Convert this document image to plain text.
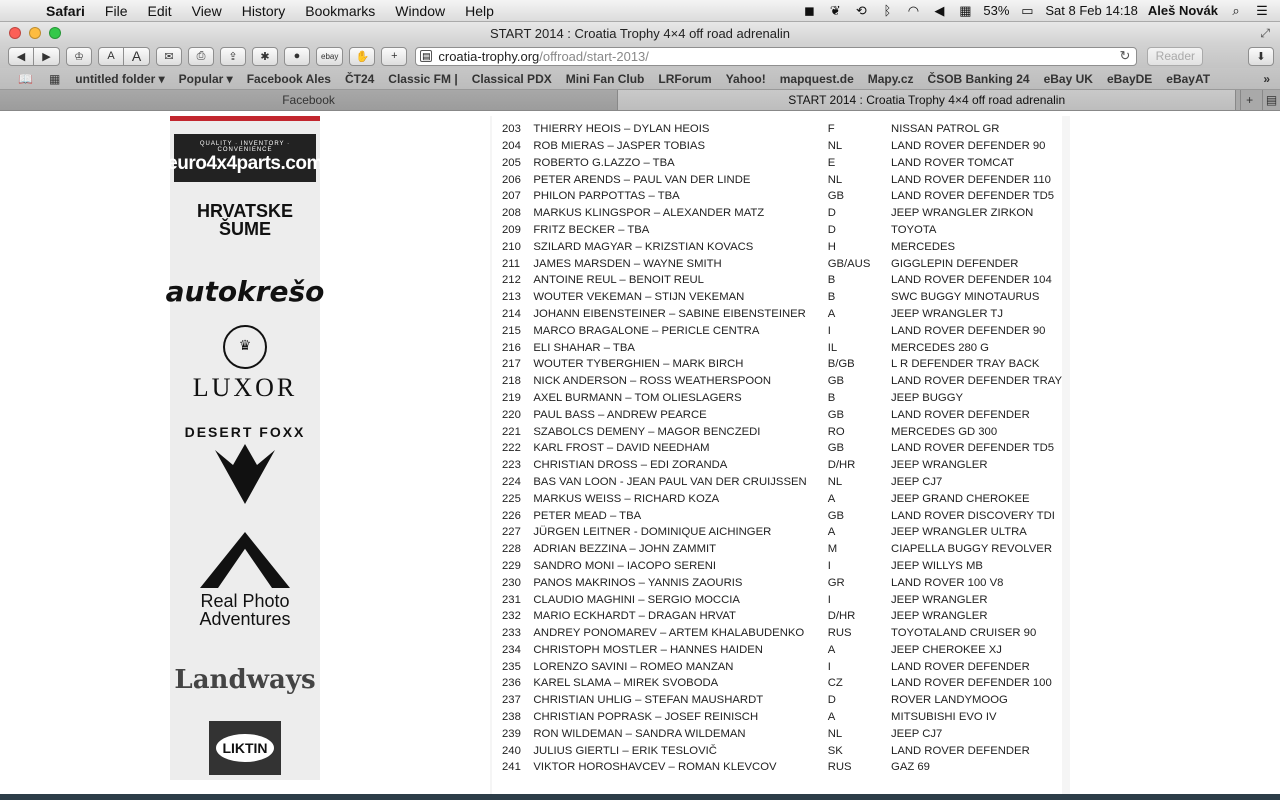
Safari	File	Edit	View	History	Bookmarks	Window	Help	◼ ❦ ⟲	ᛒ	◠ ◀ ▦ 53% ▭ Sat 8 Feb 14:18 Aleš Novák	⌕	☰
START 2014 : Croatia Trophy 4×4 off road adrenalin	⤢
◀	▶	♔	A	A	✉	⎙	⇪	✱	●	ebay	✋	+	▤ croatia-trophy.org /offroad/start-2013/	↻	Reader	⬇
📖	▦	untitled folder ▾	Popular ▾	Facebook Ales	ČT24	Classic FM |	Classical PDX	Mini Fan Club	LRForum	Yahoo!	mapquest.de	Mapy.cz	ČSOB Banking 24	eBay UK	eBayDE	eBayAT	»
Facebook	START 2014 : Croatia Trophy 4×4 off road adrenalin	+	▤
QUALITY · INVENTORY · CONVENIENCE
euro4x4parts.com
HRVATSKE ŠUME
autokrešo
♛
LUXOR
DESERT FOXX
Real Photo
Adventures
Landways
LIKTIN

203	THIERRY HEOIS – DYLAN HEOIS	F	NISSAN PATROL GR
204	ROB MIERAS – JASPER TOBIAS	NL	LAND ROVER DEFENDER 90
205	ROBERTO G.LAZZO – TBA	E	LAND ROVER TOMCAT
206	PETER ARENDS – PAUL VAN DER LINDE	NL	LAND ROVER DEFENDER 110
207	PHILON PARPOTTAS – TBA	GB	LAND ROVER DEFENDER TD5
208	MARKUS KLINGSPOR – ALEXANDER MATZ	D	JEEP WRANGLER ZIRKON
209	FRITZ BECKER – TBA	D	TOYOTA
210	SZILARD MAGYAR – KRIZSTIAN KOVACS	H	MERCEDES
211	JAMES MARSDEN – WAYNE SMITH	GB/AUS	GIGGLEPIN DEFENDER
212	ANTOINE REUL – BENOIT REUL	B	LAND ROVER DEFENDER 104
213	WOUTER VEKEMAN – STIJN VEKEMAN	B	SWC BUGGY MINOTAURUS
214	JOHANN EIBENSTEINER – SABINE EIBENSTEINER	A	JEEP WRANGLER TJ
215	MARCO BRAGALONE – PERICLE CENTRA	I	LAND ROVER DEFENDER 90
216	ELI SHAHAR – TBA	IL	MERCEDES 280 G
217	WOUTER TYBERGHIEN – MARK BIRCH	B/GB	L R DEFENDER TRAY BACK
218	NICK ANDERSON – ROSS WEATHERSPOON	GB	LAND ROVER DEFENDER TRAY
219	AXEL BURMANN – TOM OLIESLAGERS	B	JEEP BUGGY
220	PAUL BASS – ANDREW PEARCE	GB	LAND ROVER DEFENDER
221	SZABOLCS DEMENY – MAGOR BENCZEDI	RO	MERCEDES GD 300
222	KARL FROST – DAVID NEEDHAM	GB	LAND ROVER DEFENDER TD5
223	CHRISTIAN DROSS – EDI ZORANDA	D/HR	JEEP WRANGLER
224	BAS VAN LOON - JEAN PAUL VAN DER CRUIJSSEN	NL	JEEP CJ7
225	MARKUS WEISS – RICHARD KOZA	A	JEEP GRAND CHEROKEE
226	PETER MEAD – TBA	GB	LAND ROVER DISCOVERY TDI
227	JÜRGEN LEITNER - DOMINIQUE AICHINGER	A	JEEP WRANGLER ULTRA
228	ADRIAN BEZZINA – JOHN ZAMMIT	M	CIAPELLA BUGGY REVOLVER
229	SANDRO MONI – IACOPO SERENI	I	JEEP WILLYS MB
230	PANOS MAKRINOS – YANNIS ZAOURIS	GR	LAND ROVER 100 V8
231	CLAUDIO MAGHINI – SERGIO MOCCIA	I	JEEP WRANGLER
232	MARIO ECKHARDT – DRAGAN HRVAT	D/HR	JEEP WRANGLER
233	ANDREY PONOMAREV – ARTEM KHALABUDENKO	RUS	TOYOTALAND CRUISER 90
234	CHRISTOPH MOSTLER – HANNES HAIDEN	A	JEEP CHEROKEE XJ
235	LORENZO SAVINI – ROMEO MANZAN	I	LAND ROVER DEFENDER
236	KAREL SLAMA – MIREK SVOBODA	CZ	LAND ROVER DEFENDER 100
237	CHRISTIAN UHLIG – STEFAN MAUSHARDT	D	ROVER LANDYMOOG
238	CHRISTIAN POPRASK – JOSEF REINISCH	A	MITSUBISHI EVO IV
239	RON WILDEMAN – SANDRA WILDEMAN	NL	JEEP CJ7
240	JULIUS GIERTLI – ERIK TESLOVIČ	SK	LAND ROVER DEFENDER
241	VIKTOR HOROSHAVCEV – ROMAN KLEVCOV	RUS	GAZ 69
